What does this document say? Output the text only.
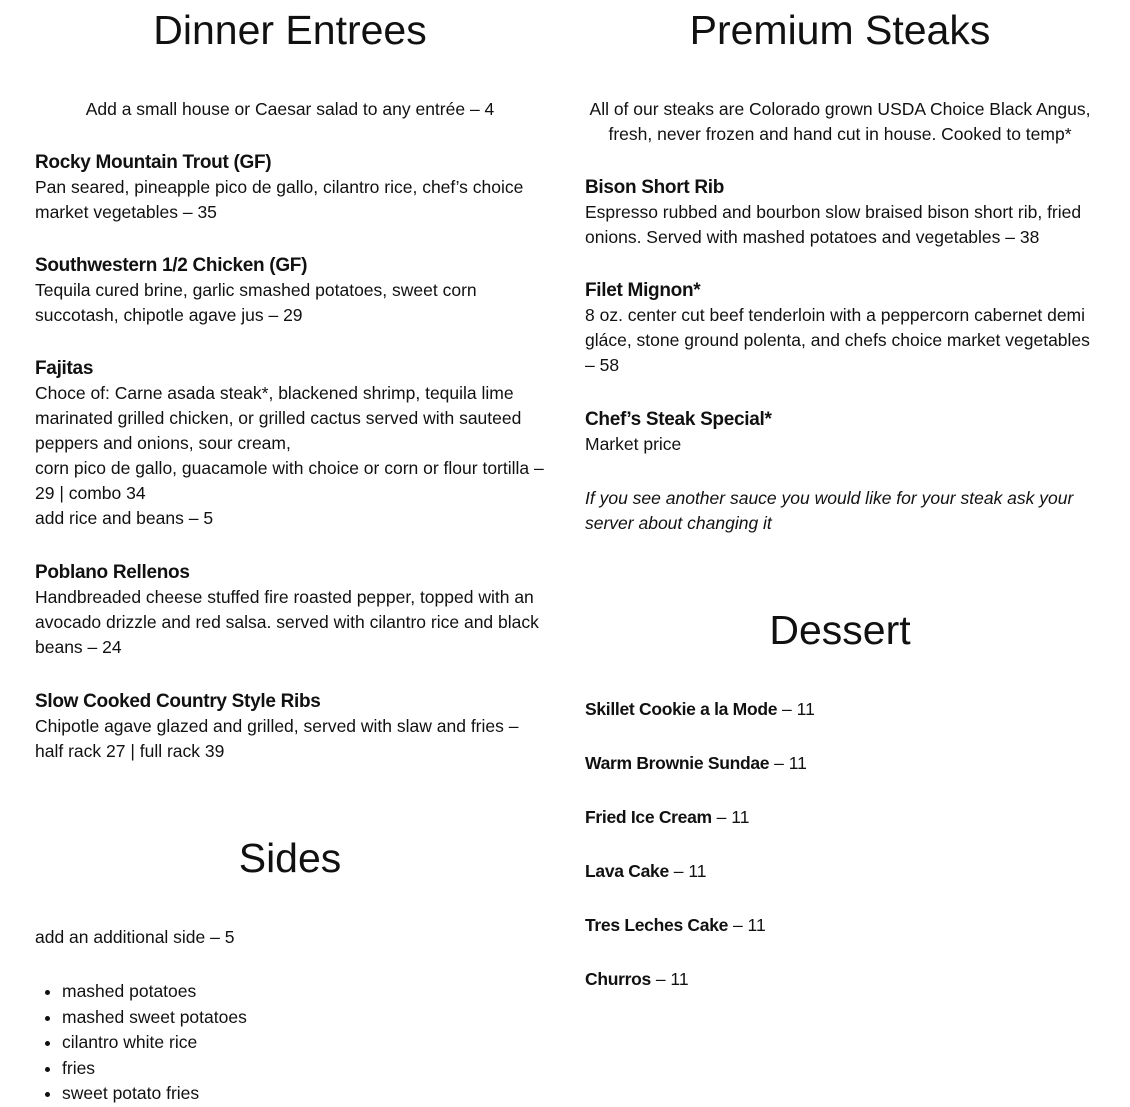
Dinner Entrees

Add a small house or Caesar salad to any entrée – 4

Rocky Mountain Trout (GF)
Pan seared, pineapple pico de gallo, cilantro rice, chef’s choice market vegetables – 35
Southwestern 1/2 Chicken (GF)
Tequila cured brine, garlic smashed potatoes, sweet corn succotash, chipotle agave jus – 29
Fajitas
Choce of: Carne asada steak*, blackened shrimp, tequila lime marinated grilled chicken, or grilled cactus served with sauteed peppers and onions, sour cream,
corn pico de gallo, guacamole with choice or corn or flour tortilla – 29 | combo 34
add rice and beans – 5
Poblano Rellenos
Handbreaded cheese stuffed fire roasted pepper, topped with an avocado drizzle and red salsa. served with cilantro rice and black beans – 24
Slow Cooked Country Style Ribs
Chipotle agave glazed and grilled, served with slaw and fries – half rack 27 | full rack 39
Sides
add an additional side – 5
• mashed potatoes
• mashed sweet potatoes
• cilantro white rice
• fries
• sweet potato fries
Premium Steaks

All of our steaks are Colorado grown USDA Choice Black Angus, fresh, never frozen and hand cut in house. Cooked to temp*

Bison Short Rib
Espresso rubbed and bourbon slow braised bison short rib, fried onions. Served with mashed potatoes and vegetables – 38
Filet Mignon*
8 oz. center cut beef tenderloin with a peppercorn cabernet demi gláce, stone ground polenta, and chefs choice market vegetables – 58
Chef’s Steak Special*
Market price
If you see another sauce you would like for your steak ask your server about changing it
Dessert
Skillet Cookie a la Mode – 11
Warm Brownie Sundae – 11
Fried Ice Cream – 11
Lava Cake – 11
Tres Leches Cake – 11
Churros – 11
